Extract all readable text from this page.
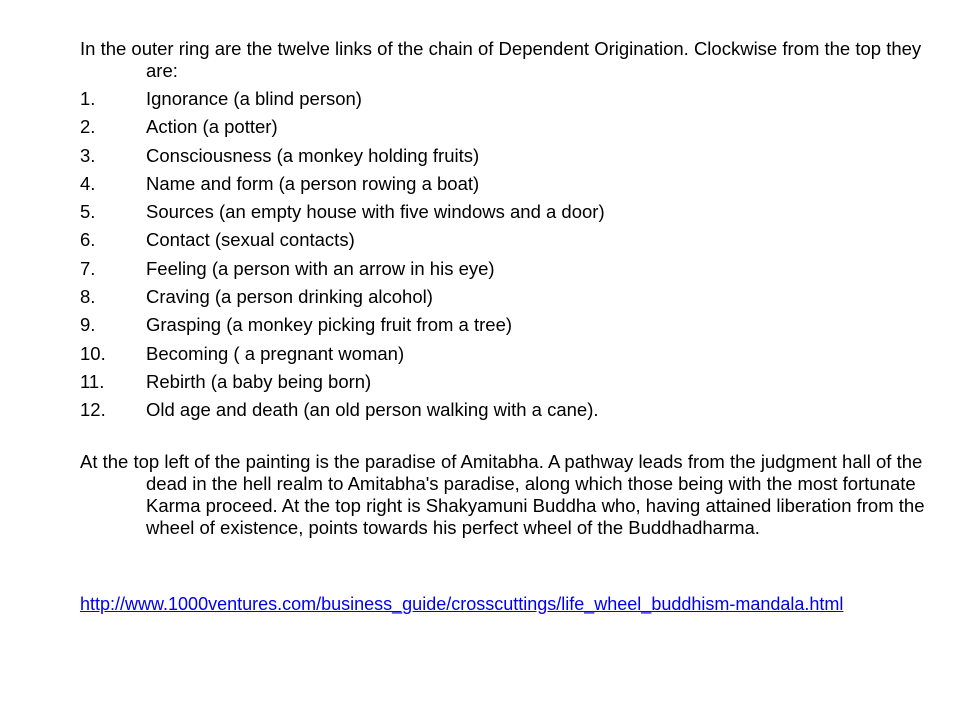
In the outer ring are the twelve links of the chain of Dependent Origination. Clockwise from the top they are:

1.	Ignorance (a blind person)
2.	Action (a potter)
3.	Consciousness (a monkey holding fruits)
4.	Name and form (a person rowing a boat)
5.	Sources (an empty house with five windows and a door)
6.	Contact (sexual contacts)
7.	Feeling (a person with an arrow in his eye)
8.	Craving (a person drinking alcohol)
9.	Grasping (a monkey picking fruit from a tree)
10.	Becoming ( a pregnant woman)
11.	Rebirth (a baby being born)
12.	Old age and death (an old person walking with a cane).

At the top left of the painting is the paradise of Amitabha. A pathway leads from the judgment hall of the dead in the hell realm to Amitabha's paradise, along which those being with the most fortunate Karma proceed. At the top right is Shakyamuni Buddha who, having attained liberation from the wheel of existence, points towards his perfect wheel of the Buddhadharma.

http://www.1000ventures.com/business_guide/crosscuttings/life_wheel_buddhism-mandala.html
